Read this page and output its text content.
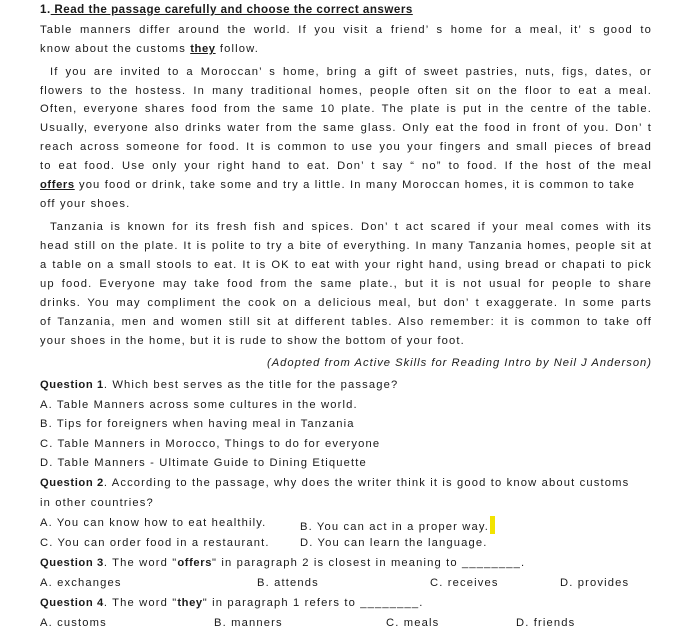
1. Read the passage carefully and choose the correct answers
Table manners differ around the world. If you visit a friend’ s home for a meal, it’ s good to
know about the customs they follow.
If you are invited to a Moroccan’ s home, bring a gift of sweet pastries, nuts, figs, dates, or
flowers to the hostess. In many traditional homes, people often sit on the floor to eat a meal.
Often, everyone shares food from the same 10 plate. The plate is put in the centre of the table.
Usually, everyone also drinks water from the same glass. Only eat the food in front of you. Don’ t
reach across someone for food. It is common to use you your fingers and small pieces of bread
to eat food. Use only your right hand to eat. Don’ t say “ no” to food. If the host of the meal
offers you food or drink, take some and try a little. In many Moroccan homes, it is common to take
off your shoes.
Tanzania is known for its fresh fish and spices. Don’ t act scared if your meal comes with its
head still on the plate. It is polite to try a bite of everything. In many Tanzania homes, people sit at
a table on a small stools to eat. It is OK to eat with your right hand, using bread or chapati to pick
up food. Everyone may take food from the same plate., but it is not usual for people to share
drinks. You may compliment the cook on a delicious meal, but don’ t exaggerate. In some parts
of Tanzania, men and women still sit at different tables. Also remember: it is common to take off
your shoes in the home, but it is rude to show the bottom of your foot.
(Adopted from Active Skills for Reading Intro by Neil J Anderson)
Question 1. Which best serves as the title for the passage?
A. Table Manners across some cultures in the world.
B. Tips for foreigners when having meal in Tanzania
C. Table Manners in Morocco, Things to do for everyone
D. Table Manners - Ultimate Guide to Dining Etiquette
Question 2. According to the passage, why does the writer think it is good to know about customs
in other countries?
A. You can know how to eat healthily.	B. You can act in a proper way.
C. You can order food in a restaurant.	D. You can learn the language.
Question 3. The word "offers" in paragraph 2 is closest in meaning to ________.
A. exchanges	B. attends	C. receives	D. provides
Question 4. The word "they" in paragraph 1 refers to ________.
A. customs	B. manners	C. meals	D. friends
